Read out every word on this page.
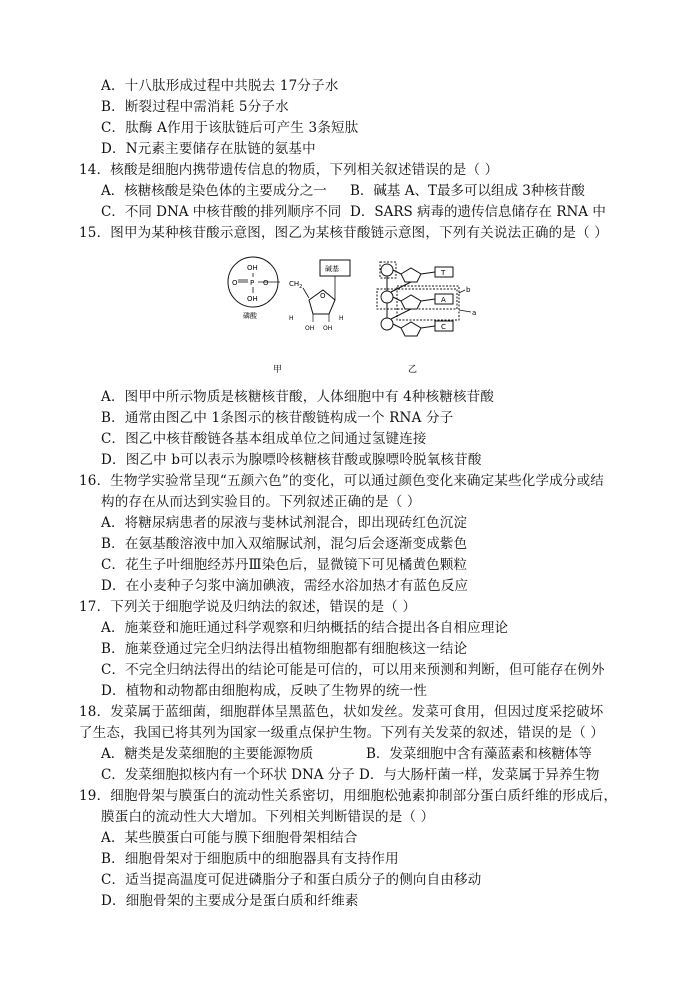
A．十八肽形成过程中共脱去 17分子水
B．断裂过程中需消耗 5分子水
C．肽酶 A作用于该肽链后可产生 3条短肽
D．N元素主要储存在肽链的氨基中
14．核酸是细胞内携带遗传信息的物质，下列相关叙述错误的是（ ）
A．核糖核酸是染色体的主要成分之一 B．碱基 A、T最多可以组成 3种核苷酸
C．不同 DNA 中核苷酸的排列顺序不同 D．SARS 病毒的遗传信息储存在 RNA 中
15．图甲为某种核苷酸示意图，图乙为某核苷酸链示意图，下列有关说法正确的是（ ）
OH
O P
OH
O
磷酸
$CH_2$
O
碱基
H	H
OH OH
甲
T
A
C
b
a
乙
A．图甲中所示物质是核糖核苷酸，人体细胞中有 4种核糖核苷酸
B．通常由图乙中 1条图示的核苷酸链构成一个 RNA 分子
C．图乙中核苷酸链各基本组成单位之间通过氢键连接
D．图乙中 b可以表示为腺嘌呤核糖核苷酸或腺嘌呤脱氧核苷酸
16．生物学实验常呈现“五颜六色”的变化，可以通过颜色变化来确定某些化学成分或结
构的存在从而达到实验目的。下列叙述正确的是（ ）
A．将糖尿病患者的尿液与斐林试剂混合，即出现砖红色沉淀
B．在氨基酸溶液中加入双缩脲试剂，混匀后会逐渐变成紫色
C．花生子叶细胞经苏丹Ⅲ染色后，显微镜下可见橘黄色颗粒
D．在小麦种子匀浆中滴加碘液，需经水浴加热才有蓝色反应
17．下列关于细胞学说及归纳法的叙述，错误的是（ ）
A．施莱登和施旺通过科学观察和归纳概括的结合提出各自相应理论
B．施莱登通过完全归纳法得出植物细胞都有细胞核这一结论
C．不完全归纳法得出的结论可能是可信的，可以用来预测和判断，但可能存在例外
D．植物和动物都由细胞构成，反映了生物界的统一性
18．发菜属于蓝细菌，细胞群体呈黑蓝色，状如发丝。发菜可食用，但因过度采挖破坏
了生态，我国已将其列为国家一级重点保护生物。下列有关发菜的叙述，错误的是（ ）
A．糖类是发菜细胞的主要能源物质	B．发菜细胞中含有藻蓝素和核糖体等
C．发菜细胞拟核内有一个环状 DNA 分子 D．与大肠杆菌一样，发菜属于异养生物
19．细胞骨架与膜蛋白的流动性关系密切，用细胞松弛素抑制部分蛋白质纤维的形成后，
膜蛋白的流动性大大增加。下列相关判断错误的是（ ）
A．某些膜蛋白可能与膜下细胞骨架相结合
B．细胞骨架对于细胞质中的细胞器具有支持作用
C．适当提高温度可促进磷脂分子和蛋白质分子的侧向自由移动
D．细胞骨架的主要成分是蛋白质和纤维素
